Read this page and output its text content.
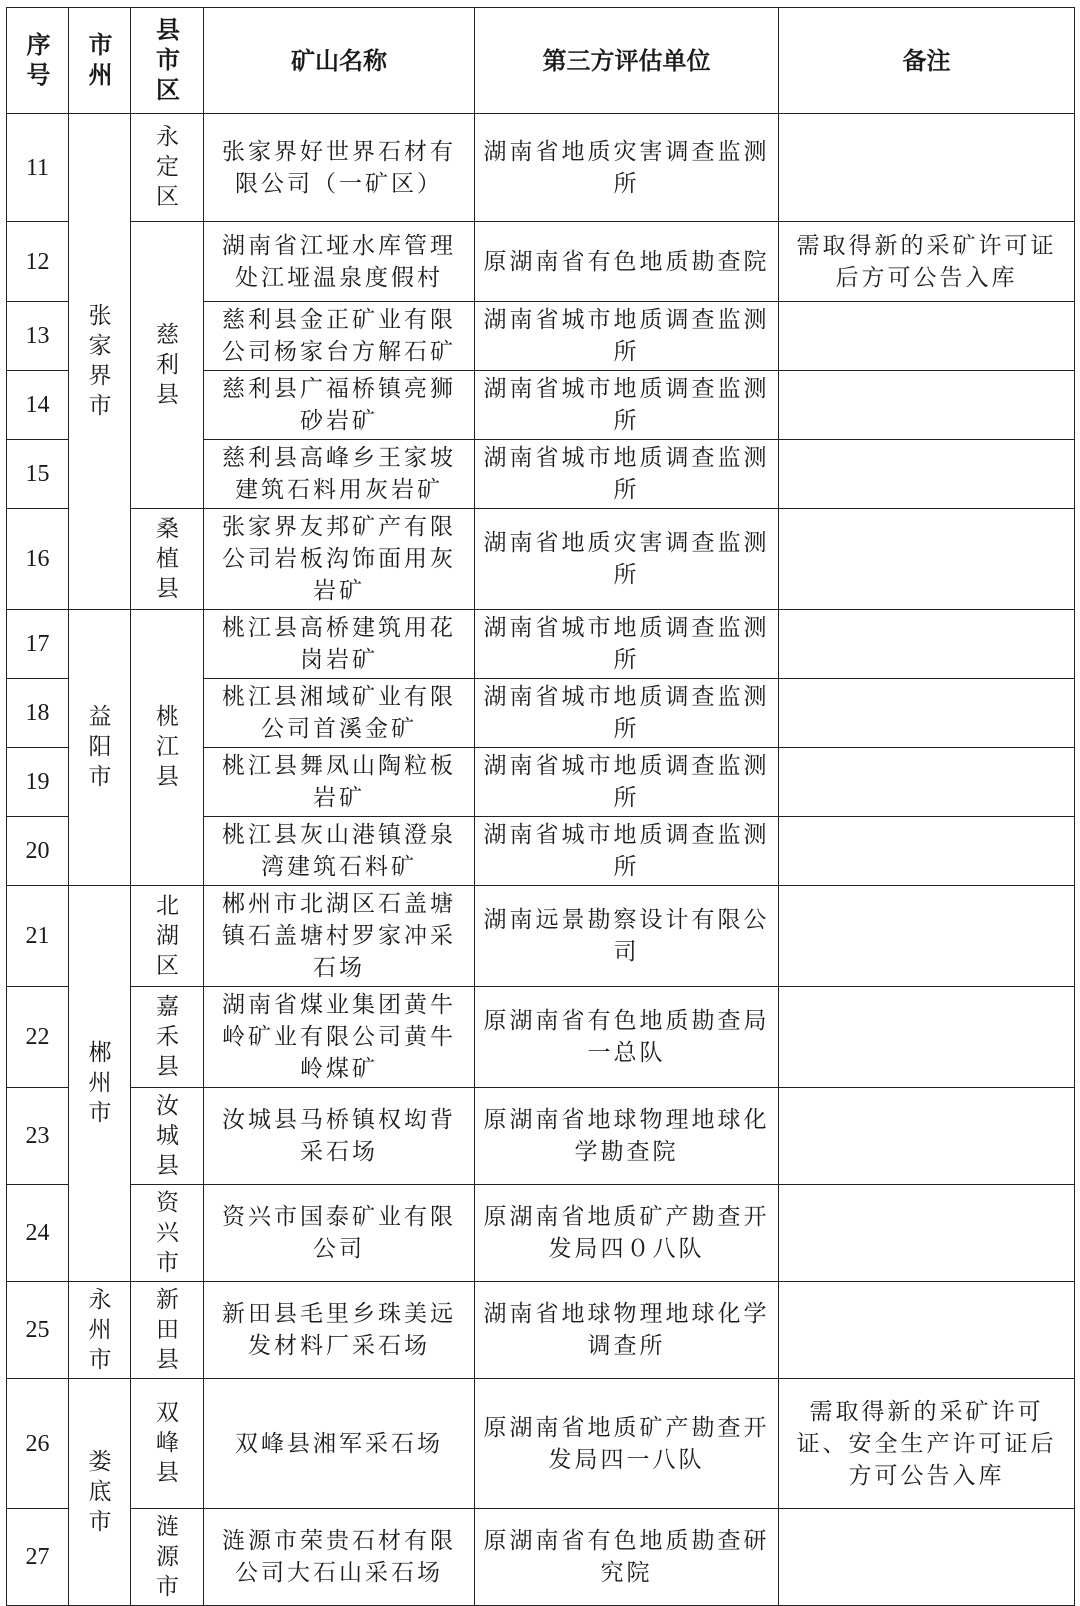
序号	市州	县市区	矿山名称	第三方评估单位	备注
11	张家界市	永定区	张家界好世界石材有限公司（一矿区）	湖南省地质灾害调查监测所	

12		慈利县	湖南省江垭水库管理处江垭温泉度假村	原湖南省有色地质勘查院	需取得新的采矿许可证后方可公告入库

13			慈利县金正矿业有限公司杨家台方解石矿	湖南省城市地质调查监测所	

14			慈利县广福桥镇亮狮砂岩矿	湖南省城市地质调查监测所	

15			慈利县高峰乡王家坡建筑石料用灰岩矿	湖南省城市地质调查监测所	

16		桑植县	张家界友邦矿产有限公司岩板沟饰面用灰岩矿	湖南省地质灾害调查监测所	

17	益阳市	桃江县	桃江县高桥建筑用花岗岩矿	湖南省城市地质调查监测所	

18			桃江县湘域矿业有限公司首溪金矿	湖南省城市地质调查监测所	

19			桃江县舞凤山陶粒板岩矿	湖南省城市地质调查监测所	

20			桃江县灰山港镇澄泉湾建筑石料矿	湖南省城市地质调查监测所	

21	郴州市	北湖区	郴州市北湖区石盖塘镇石盖塘村罗家冲采石场	湖南远景勘察设计有限公司	

22		嘉禾县	湖南省煤业集团黄牛岭矿业有限公司黄牛岭煤矿	原湖南省有色地质勘查局一总队	

23		汝城县	汝城县马桥镇权㘭背采石场	原湖南省地球物理地球化学勘查院	

24		资兴市	资兴市国泰矿业有限公司	原湖南省地质矿产勘查开发局四０八队	

25	永州市	新田县	新田县毛里乡珠美远发材料厂采石场	湖南省地球物理地球化学调查所	

26	娄底市	双峰县	双峰县湘军采石场	原湖南省地质矿产勘查开发局四一八队	需取得新的采矿许可证、安全生产许可证后方可公告入库

27		涟源市	涟源市荣贵石材有限公司大石山采石场	原湖南省有色地质勘查研究院	
